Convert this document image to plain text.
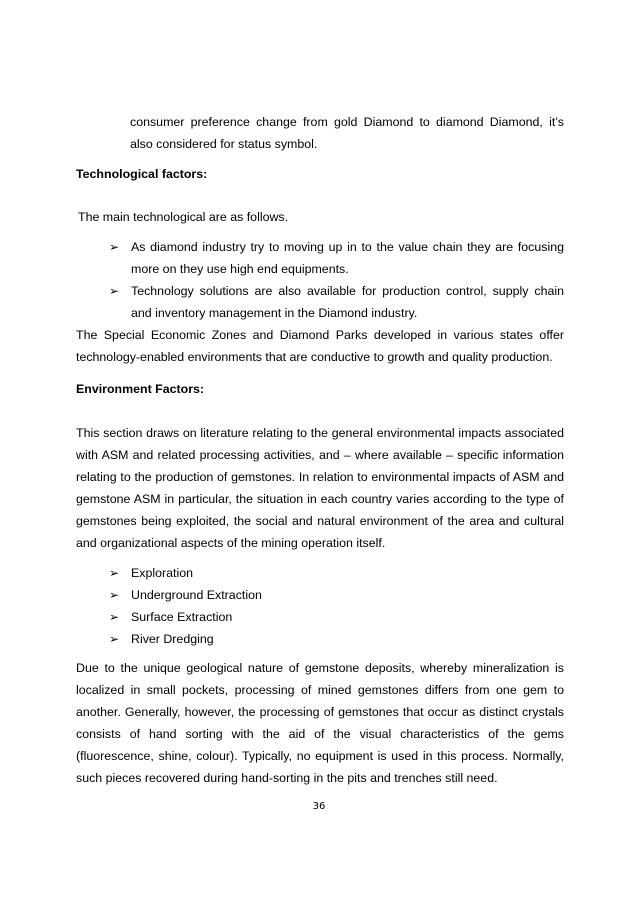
consumer preference change from gold Diamond to diamond Diamond, it’s also considered for status symbol.

Technological factors:

The main technological are as follows.

➢ As diamond industry try to moving up in to the value chain they are focusing more on they use high end equipments.
➢ Technology solutions are also available for production control, supply chain and inventory management in the Diamond industry.

The Special Economic Zones and Diamond Parks developed in various states offer technology-enabled environments that are conductive to growth and quality production.

Environment Factors:

This section draws on literature relating to the general environmental impacts associated with ASM and related processing activities, and – where available – specific information relating to the production of gemstones. In relation to environmental impacts of ASM and gemstone ASM in particular, the situation in each country varies according to the type of gemstones being exploited, the social and natural environment of the area and cultural and organizational aspects of the mining operation itself.

➢ Exploration
➢ Underground Extraction
➢ Surface Extraction
➢ River Dredging

Due to the unique geological nature of gemstone deposits, whereby mineralization is localized in small pockets, processing of mined gemstones differs from one gem to another. Generally, however, the processing of gemstones that occur as distinct crystals consists of hand sorting with the aid of the visual characteristics of the gems (fluorescence, shine, colour). Typically, no equipment is used in this process. Normally, such pieces recovered during hand-sorting in the pits and trenches still need.

36
